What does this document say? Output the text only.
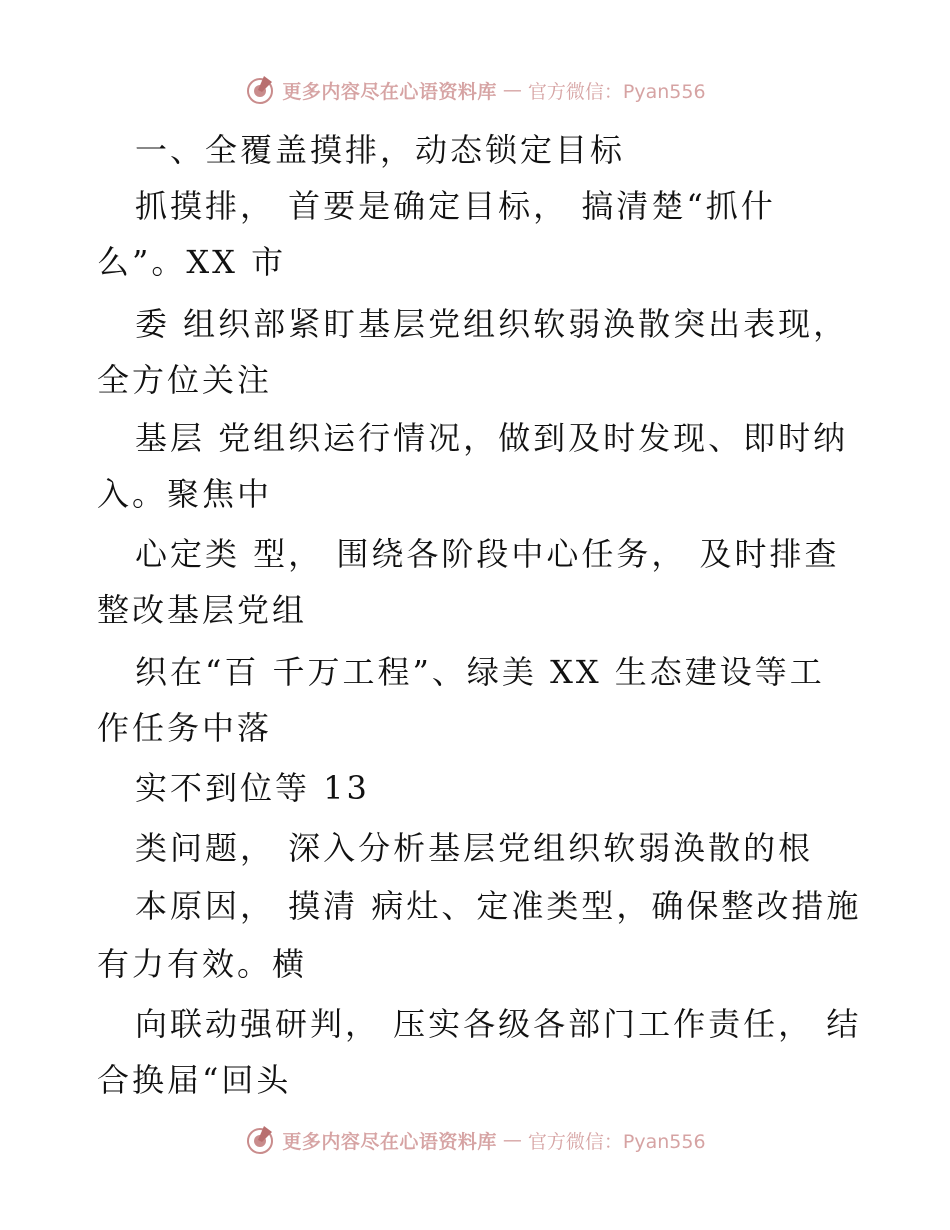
更多内容尽在心语资料库 — 官方微信：Pyan556
一、全覆盖摸排，动态锁定目标
抓摸排， 首要是确定目标， 搞清楚“抓什
么”。XX 市
委 组织部紧盯基层党组织软弱涣散突出表现，
全方位关注
基层 党组织运行情况，做到及时发现、即时纳
入。聚焦中
心定类 型， 围绕各阶段中心任务， 及时排查
整改基层党组
织在“百 千万工程”、绿美 XX 生态建设等工
作任务中落
实不到位等 13
类问题， 深入分析基层党组织软弱涣散的根
本原因， 摸清 病灶、定准类型，确保整改措施
有力有效。横
向联动强研判， 压实各级各部门工作责任， 结
合换届“回头
更多内容尽在心语资料库 — 官方微信：Pyan556
